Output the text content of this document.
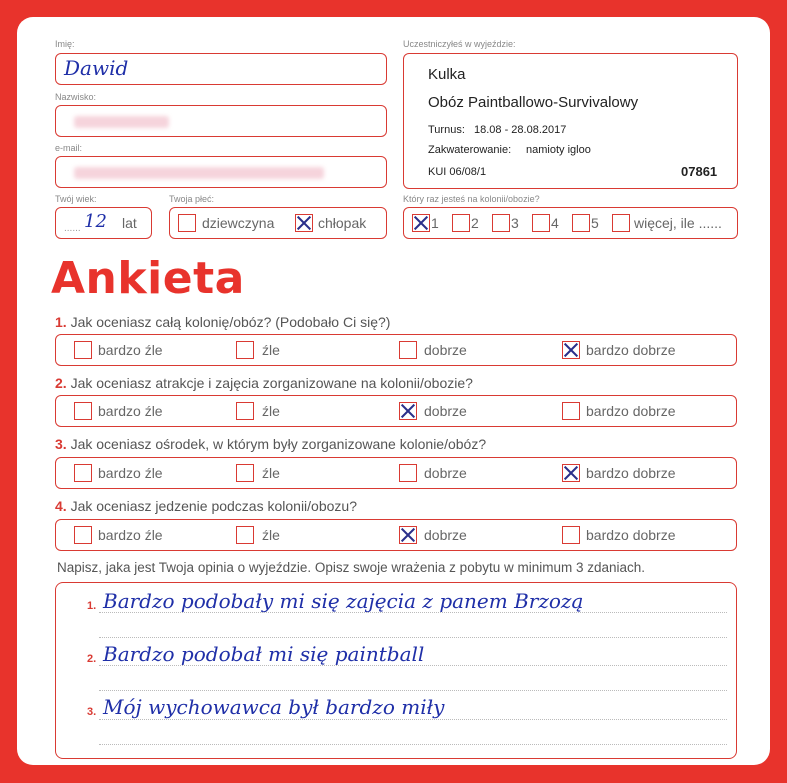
Imię:
Dawid
Nazwisko:
e-mail:
Twój wiek:
...... 12 lat
Twoja płeć:
dziewczyna	chłopak
Uczestniczyłeś w wyjeździe:
Kulka
Obóz Paintballowo-Survivalowy
Turnus: 18.08 - 28.08.2017
Zakwaterowanie: namioty igloo
KUI 06/08/1	07861
Który raz jesteś na kolonii/obozie?
1 2 3 4 5	więcej, ile ......
Ankieta
1. Jak oceniasz całą kolonię/obóz? (Podobało Ci się?)
bardzo źle	źle	dobrze	bardzo dobrze
2. Jak oceniasz atrakcje i zajęcia zorganizowane na kolonii/obozie?
bardzo źle	źle	dobrze	bardzo dobrze
3. Jak oceniasz ośrodek, w którym były zorganizowane kolonie/obóz?
bardzo źle	źle	dobrze	bardzo dobrze
4. Jak oceniasz jedzenie podczas kolonii/obozu?
bardzo źle	źle	dobrze	bardzo dobrze
Napisz, jaka jest Twoja opinia o wyjeździe. Opisz swoje wrażenia z pobytu w minimum 3 zdaniach.
1. Bardzo podobały mi się zajęcia z panem Brzozą
2. Bardzo podobał mi się paintball
3. Mój wychowawca był bardzo miły
